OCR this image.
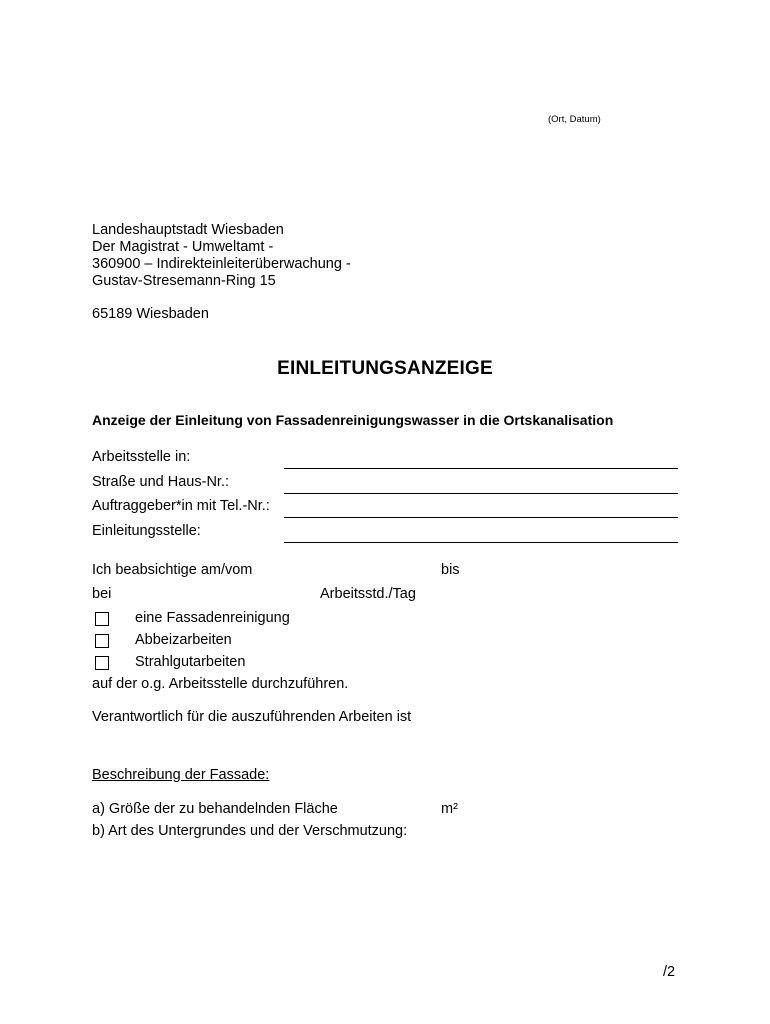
(Ort, Datum)
Landeshauptstadt Wiesbaden
Der Magistrat - Umweltamt -
360900 – Indirekteinleiterüberwachung -
Gustav-Stresemann-Ring 15
65189 Wiesbaden
EINLEITUNGSANZEIGE
Anzeige der Einleitung von Fassadenreinigungswasser in die Ortskanalisation
Arbeitsstelle in:
Straße und Haus-Nr.:
Auftraggeber*in mit Tel.-Nr.:
Einleitungsstelle:
Ich beabsichtige am/vom	bis
bei	Arbeitsstd./Tag
eine Fassadenreinigung
Abbeizarbeiten
Strahlgutarbeiten
auf der o.g. Arbeitsstelle durchzuführen.
Verantwortlich für die auszuführenden Arbeiten ist
Beschreibung der Fassade:
a) Größe der zu behandelnden Fläche	m²
b) Art des Untergrundes und der Verschmutzung:
/2
